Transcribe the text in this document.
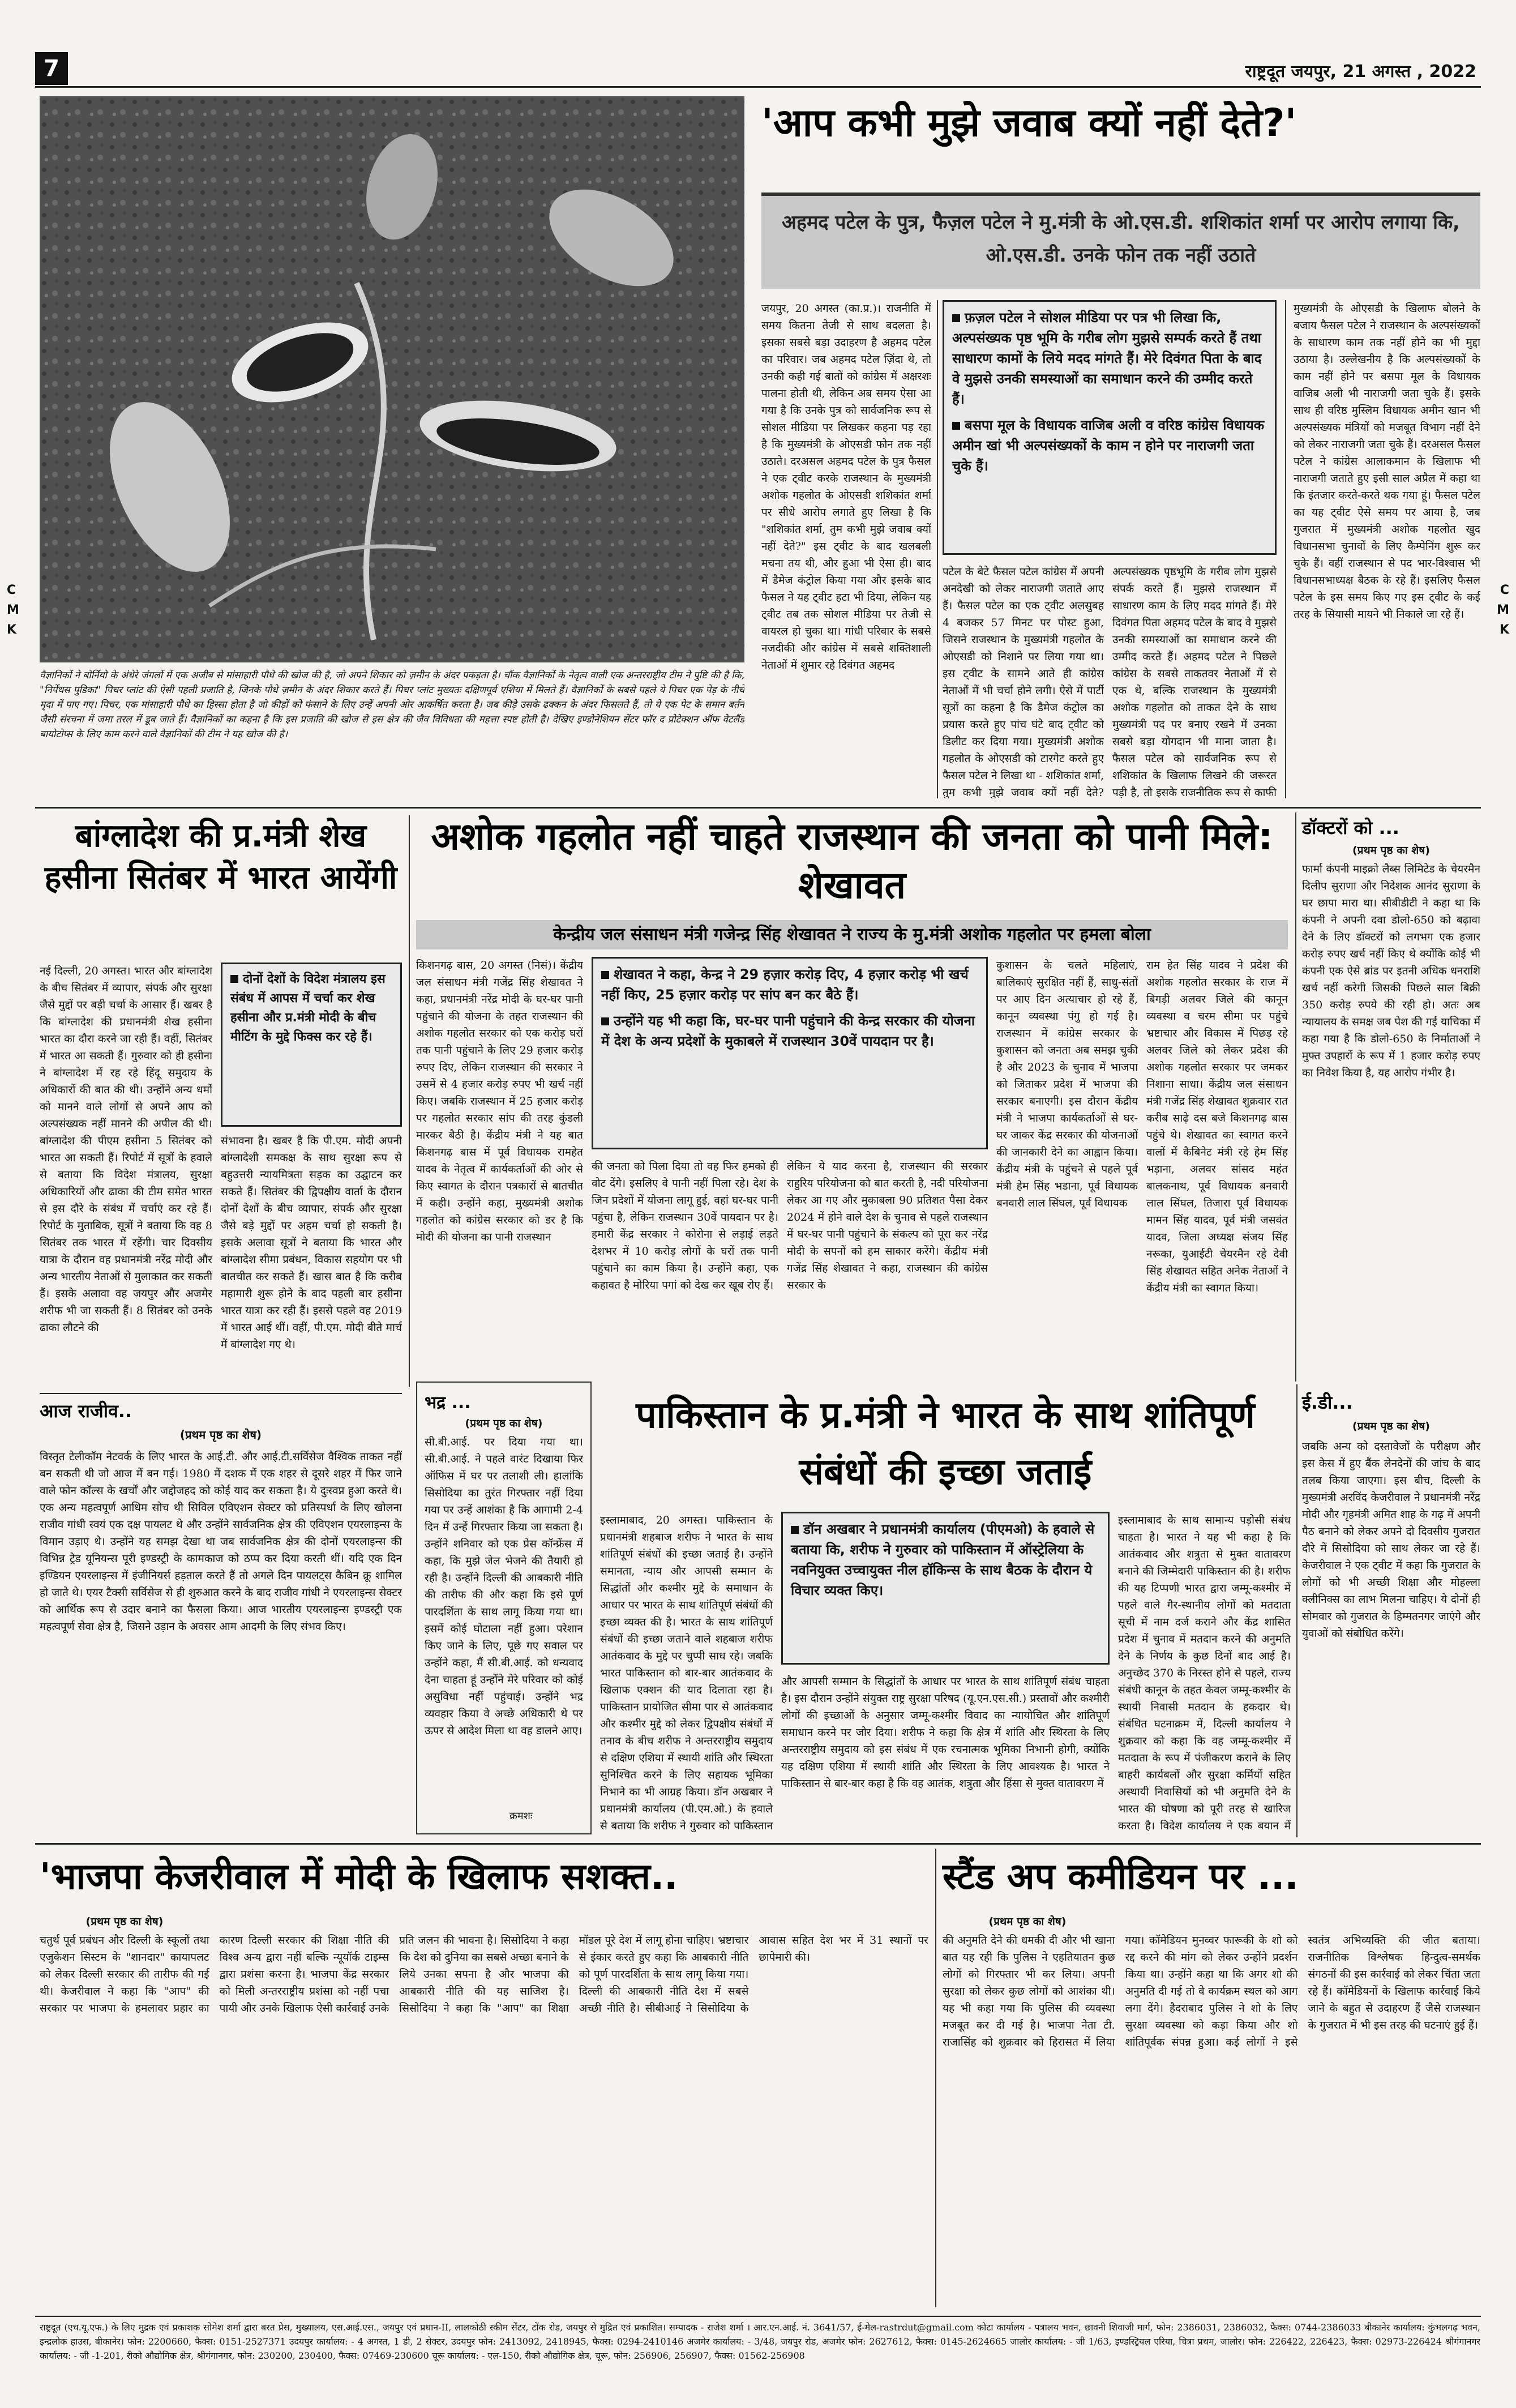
7	राष्ट्रदूत जयपुर, 21 अगस्त , 2022
C
M
K
C
M
K
वैज्ञानिकों ने बोर्नियो के अंधेरे जंगलों में एक अजीब से मांसाहारी पौधे की खोज की है, जो अपने शिकार को ज़मीन के अंदर पकड़ता है। चौंक वैज्ञानिकों के नेतृत्व वाली एक अन्तरराष्ट्रीय टीम ने पुष्टि की है कि, "निर्पेंथस पुडिका" पिचर प्लांट की ऐसी पहली प्रजाति है, जिनके पौधे ज़मीन के अंदर शिकार करते हैं। पिचर प्लांट मुख्यतः दक्षिणपूर्व एशिया में मिलते हैं। वैज्ञानिकों के सबसे पहले ये पिचर एक पेड़ के नीचे मृदा में पाए गए। पिचर, एक मांसाहारी पौधे का हिस्सा होता है जो कीड़ों को फंसाने के लिए उन्हें अपनी ओर आकर्षित करता है। जब कीड़े उसके ढक्कन के अंदर फिसलते हैं, तो ये एक पेट के समान बर्तन जैसी संरचना में जमा तरल में डूब जाते हैं। वैज्ञानिकों का कहना है कि इस प्रजाति की खोज से इस क्षेत्र की जैव विविधता की महत्ता स्पष्ट होती है। देखिए इण्डोनेशियन सेंटर फॉर द प्रोटेक्शन ऑफ वेटलैंड बायोटोप्स के लिए काम करने वाले वैज्ञानिकों की टीम ने यह खोज की है।
'आप कभी मुझे जवाब क्यों नहीं देते?'
अहमद पटेल के पुत्र, फैज़ल पटेल ने मु.मंत्री के ओ.एस.डी. शशिकांत शर्मा पर आरोप लगाया कि, ओ.एस.डी. उनके फोन तक नहीं उठाते
जयपुर, 20 अगस्त (का.प्र.)। राजनीति में समय कितना तेजी से साथ बदलता है। इसका सबसे बड़ा उदाहरण है अहमद पटेल का परिवार। जब अहमद पटेल ज़िंदा थे, तो उनकी कही गई बातों को कांग्रेस में अक्षरशः पालना होती थी, लेकिन अब समय ऐसा आ गया है कि उनके पुत्र को सार्वजनिक रूप से सोशल मीडिया पर लिखकर कहना पड़ रहा है कि मुख्यमंत्री के ओएसडी फोन तक नहीं उठाते। दरअसल अहमद पटेल के पुत्र फैसल ने एक ट्वीट करके राजस्थान के मुख्यमंत्री अशोक गहलोत के ओएसडी शशिकांत शर्मा पर सीधे आरोप लगाते हुए लिखा है कि "शशिकांत शर्मा, तुम कभी मुझे जवाब क्यों नहीं देते?" इस ट्वीट के बाद खलबली मचना तय थी, और हुआ भी ऐसा ही। बाद में डैमेज कंट्रोल किया गया और इसके बाद फैसल ने यह ट्वीट हटा भी दिया, लेकिन यह ट्वीट तब तक सोशल मीडिया पर तेजी से वायरल हो चुका था। गांधी परिवार के सबसे नजदीकी और कांग्रेस में सबसे शक्तिशाली नेताओं में शुमार रहे दिवंगत अहमद
फ़ज़ल पटेल ने सोशल मीडिया पर पत्र भी लिखा कि, अल्पसंख्यक पृष्ठ भूमि के गरीब लोग मुझसे सम्पर्क करते हैं तथा साधारण कामों के लिये मदद मांगते हैं। मेरे दिवंगत पिता के बाद वे मुझसे उनकी समस्याओं का समाधान करने की उम्मीद करते हैं।
बसपा मूल के विधायक वाजिब अली व वरिष्ठ कांग्रेस विधायक अमीन खां भी अल्पसंख्यकों के काम न होने पर नाराजगी जता चुके हैं।
पटेल के बेटे फैसल पटेल कांग्रेस में अपनी अनदेखी को लेकर नाराजगी जताते आए हैं। फैसल पटेल का एक ट्वीट अलसुबह 4 बजकर 57 मिनट पर पोस्ट हुआ, जिसने राजस्थान के मुख्यमंत्री गहलोत के ओएसडी को निशाने पर लिया गया था। इस ट्वीट के सामने आते ही कांग्रेस नेताओं में भी चर्चा होने लगी। ऐसे में पार्टी सूत्रों का कहना है कि डैमेज कंट्रोल का प्रयास करते हुए पांच घंटे बाद ट्वीट को डिलीट कर दिया गया। मुख्यमंत्री अशोक गहलोत के ओएसडी को टारगेट करते हुए फैसल पटेल ने लिखा था - शशिकांत शर्मा, तुम कभी मुझे जवाब क्यों नहीं देते?
अल्पसंख्यक पृष्ठभूमि के गरीब लोग मुझसे संपर्क करते हैं। मुझसे राजस्थान में साधारण काम के लिए मदद मांगते हैं। मेरे दिवंगत पिता अहमद पटेल के बाद वे मुझसे उनकी समस्याओं का समाधान करने की उम्मीद करते हैं। अहमद पटेल ने पिछले कांग्रेस के सबसे ताकतवर नेताओं में से एक थे, बल्कि राजस्थान के मुख्यमंत्री अशोक गहलोत को ताकत देने के साथ मुख्यमंत्री पद पर बनाए रखने में उनका सबसे बड़ा योगदान भी माना जाता है। फैसल पटेल को सार्वजनिक रूप से शशिकांत के खिलाफ लिखने की जरूरत पड़ी है, तो इसके राजनीतिक रूप से काफी
मुख्यमंत्री के ओएसडी के खिलाफ बोलने के बजाय फैसल पटेल ने राजस्थान के अल्पसंख्यकों के साधारण काम तक नहीं होने का भी मुद्दा उठाया है। उल्लेखनीय है कि अल्पसंख्यकों के काम नहीं होने पर बसपा मूल के विधायक वाजिब अली भी नाराजगी जता चुके हैं। इसके साथ ही वरिष्ठ मुस्लिम विधायक अमीन खान भी अल्पसंख्यक मंत्रियों को मजबूत विभाग नहीं देने को लेकर नाराजगी जता चुके हैं। दरअसल फैसल पटेल ने कांग्रेस आलाकमान के खिलाफ भी नाराजगी जताते हुए इसी साल अप्रैल में कहा था कि इंतजार करते-करते थक गया हूं। फैसल पटेल का यह ट्वीट ऐसे समय पर आया है, जब गुजरात में मुख्यमंत्री अशोक गहलोत खुद विधानसभा चुनावों के लिए कैम्पेनिंग शुरू कर चुके हैं। वहीं राजस्थान से पद भार-विश्वास भी विधानसभाध्यक्ष बैठक के रहे हैं। इसलिए फैसल पटेल के इस समय किए गए इस ट्वीट के कई तरह के सियासी मायने भी निकाले जा रहे हैं।
बांग्लादेश की प्र.मंत्री शेख हसीना सितंबर में भारत आयेंगी
नई दिल्ली, 20 अगस्त। भारत और बांग्लादेश के बीच सितंबर में व्यापार, संपर्क और सुरक्षा जैसे मुद्दों पर बड़ी चर्चा के आसार हैं। खबर है कि बांग्लादेश की प्रधानमंत्री शेख हसीना भारत का दौरा करने जा रही हैं। वहीं, सितंबर में भारत आ सकती हैं। गुरुवार को ही हसीना ने बांग्लादेश में रह रहे हिंदू समुदाय के अधिकारों की बात की थी। उन्होंने अन्य धर्मों को मानने वाले लोगों से अपने आप को अल्पसंख्यक नहीं मानने की अपील की थी। बांग्लादेश की पीएम हसीना 5 सितंबर को भारत आ सकती हैं। रिपोर्ट में सूत्रों के हवाले से बताया कि विदेश मंत्रालय, सुरक्षा अधिकारियों और ढाका की टीम समेत भारत से इस दौरे के संबंध में चर्चाएं कर रहे हैं। रिपोर्ट के मुताबिक, सूत्रों ने बताया कि वह 8 सितंबर तक भारत में रहेंगी। चार दिवसीय यात्रा के दौरान वह प्रधानमंत्री नरेंद्र मोदी और अन्य भारतीय नेताओं से मुलाकात कर सकती हैं। इसके अलावा वह जयपुर और अजमेर शरीफ भी जा सकती हैं। 8 सितंबर को उनके ढाका लौटने की
दोनों देशों के विदेश मंत्रालय इस संबंध में आपस में चर्चा कर शेख हसीना और प्र.मंत्री मोदी के बीच मीटिंग के मुद्दे फिक्स कर रहे हैं।
संभावना है। खबर है कि पी.एम. मोदी अपनी बांग्लादेशी समकक्ष के साथ सुरक्षा रूप से बहुउत्तरी न्यायमित्रता सड़क का उद्घाटन कर सकते हैं। सितंबर की द्विपक्षीय वार्ता के दौरान दोनों देशों के बीच व्यापार, संपर्क और सुरक्षा जैसे बड़े मुद्दों पर अहम चर्चा हो सकती है। इसके अलावा सूत्रों ने बताया कि भारत और बांग्लादेश सीमा प्रबंधन, विकास सहयोग पर भी बातचीत कर सकते हैं। खास बात है कि करीब महामारी शुरू होने के बाद पहली बार हसीना भारत यात्रा कर रही हैं। इससे पहले वह 2019 में भारत आई थीं। वहीं, पी.एम. मोदी बीते मार्च में बांग्लादेश गए थे।
आज राजीव..
(प्रथम पृष्ठ का शेष)
विस्तृत टेलीकॉम नेटवर्क के लिए भारत के आई.टी. और आई.टी.सर्विसेज वैश्विक ताकत नहीं बन सकती थी जो आज में बन गई। 1980 में दशक में एक शहर से दूसरे शहर में फिर जाने वाले फोन कॉल्स के खर्चों और जद्दोजहद को कोई याद कर सकता है। ये दुःस्वप्न हुआ करते थे। एक अन्य महत्वपूर्ण आधिम सोच थी सिविल एविएशन सेक्टर को प्रतिस्पर्धा के लिए खोलना राजीव गांधी स्वयं एक दक्ष पायलट थे और उन्होंने सार्वजनिक क्षेत्र की एविएशन एयरलाइन्स के विमान उड़ाए थे। उन्होंने यह समझ देखा था जब सार्वजनिक क्षेत्र की दोनों एयरलाइन्स की विभिन्न ट्रेड यूनियन्स पूरी इण्डस्ट्री के कामकाज को ठप्प कर दिया करती थीं। यदि एक दिन इण्डियन एयरलाइन्स में इंजीनियर्स हड़ताल करते हैं तो अगले दिन पायलट्स कैबिन क्रू शामिल हो जाते थे। एयर टैक्सी सर्विसेज से ही शुरुआत करने के बाद राजीव गांधी ने एयरलाइन्स सेक्टर को आर्थिक रूप से उदार बनाने का फैसला किया। आज भारतीय एयरलाइन्स इण्डस्ट्री एक महत्वपूर्ण सेवा क्षेत्र है, जिसने उड़ान के अवसर आम आदमी के लिए संभव किए।
अशोक गहलोत नहीं चाहते राजस्थान की जनता को पानी मिले: शेखावत
केन्द्रीय जल संसाधन मंत्री गजेन्द्र सिंह शेखावत ने राज्य के मु.मंत्री अशोक गहलोत पर हमला बोला
किशनगढ़ बास, 20 अगस्त (निसं)। केंद्रीय जल संसाधन मंत्री गजेंद्र सिंह शेखावत ने कहा, प्रधानमंत्री नरेंद्र मोदी के घर-घर पानी पहुंचाने की योजना के तहत राजस्थान की अशोक गहलोत सरकार को एक करोड़ घरों तक पानी पहुंचाने के लिए 29 हजार करोड़ रुपए दिए, लेकिन राजस्थान की सरकार ने उसमें से 4 हजार करोड़ रुपए भी खर्च नहीं किए। जबकि राजस्थान में 25 हजार करोड़ पर गहलोत सरकार सांप की तरह कुंडली मारकर बैठी है। केंद्रीय मंत्री ने यह बात किशनगढ़ बास में पूर्व विधायक रामहेत यादव के नेतृत्व में कार्यकर्ताओं की ओर से किए स्वागत के दौरान पत्रकारों से बातचीत में कही। उन्होंने कहा, मुख्यमंत्री अशोक गहलोत को कांग्रेस सरकार को डर है कि मोदी की योजना का पानी राजस्थान
शेखावत ने कहा, केन्द्र ने 29 हज़ार करोड़ दिए, 4 हज़ार करोड़ भी खर्च नहीं किए, 25 हज़ार करोड़ पर सांप बन कर बैठे हैं।
उन्होंने यह भी कहा कि, घर-घर पानी पहुंचाने की केन्द्र सरकार की योजना में देश के अन्य प्रदेशों के मुकाबले में राजस्थान 30वें पायदान पर है।
की जनता को पिला दिया तो वह फिर हमको ही वोट देंगे। इसलिए वे पानी नहीं पिला रहे। देश के जिन प्रदेशों में योजना लागू हुई, वहां घर-घर पानी पहुंचा है, लेकिन राजस्थान 30वें पायदान पर है। हमारी केंद्र सरकार ने कोरोना से लड़ाई लड़ते देशभर में 10 करोड़ लोगों के घरों तक पानी पहुंचाने का काम किया है। उन्होंने कहा, एक कहावत है मोरिया पगां को देख कर खूब रोए हैं।
लेकिन ये याद करना है, राजस्थान की सरकार राहुरिय परियोजना को बात करती है, नदी परियोजना लेकर आ गए और मुकाबला 90 प्रतिशत पैसा देकर 2024 में होने वाले देश के चुनाव से पहले राजस्थान में घर-घर पानी पहुंचाने के संकल्प को पूरा कर नरेंद्र मोदी के सपनों को हम साकार करेंगे। केंद्रीय मंत्री गजेंद्र सिंह शेखावत ने कहा, राजस्थान की कांग्रेस सरकार के
कुशासन के चलते महिलाएं, बालिकाएं सुरक्षित नहीं हैं, साधु-संतों पर आए दिन अत्याचार हो रहे हैं, कानून व्यवस्था पंगु हो गई है। राजस्थान में कांग्रेस सरकार के कुशासन को जनता अब समझ चुकी है और 2023 के चुनाव में भाजपा को जिताकर प्रदेश में भाजपा की सरकार बनाएगी। इस दौरान केंद्रीय मंत्री ने भाजपा कार्यकर्ताओं से घर-घर जाकर केंद्र सरकार की योजनाओं की जानकारी देने का आह्वान किया। केंद्रीय मंत्री के पहुंचने से पहले पूर्व मंत्री हेम सिंह भडाना, पूर्व विधायक बनवारी लाल सिंघल, पूर्व विधायक
राम हेत सिंह यादव ने प्रदेश की अशोक गहलोत सरकार के राज में बिगड़ी अलवर जिले की कानून व्यवस्था व चरम सीमा पर पहुंचे भ्रष्टाचार और विकास में पिछड़ रहे अलवर जिले को लेकर प्रदेश की अशोक गहलोत सरकार पर जमकर निशाना साधा। केंद्रीय जल संसाधन मंत्री गजेंद्र सिंह शेखावत शुक्रवार रात करीब साढ़े दस बजे किशनगढ़ बास पहुंचे थे। शेखावत का स्वागत करने वालों में कैबिनेट मंत्री रहे हेम सिंह भड़ाना, अलवर सांसद महंत बालकनाथ, पूर्व विधायक बनवारी लाल सिंघल, तिजारा पूर्व विधायक मामन सिंह यादव, पूर्व मंत्री जसवंत यादव, जिला अध्यक्ष संजय सिंह नरूका, युआईटी चेयरमैन रहे देवी सिंह शेखावत सहित अनेक नेताओं ने केंद्रीय मंत्री का स्वागत किया।
डॉक्टरों को ...
(प्रथम पृष्ठ का शेष)
फार्मा कंपनी माइक्रो लैब्स लिमिटेड के चेयरमैन दिलीप सुराणा और निदेशक आनंद सुराणा के घर छापा मारा था। सीबीडीटी ने कहा था कि कंपनी ने अपनी दवा डोलो-650 को बढ़ावा देने के लिए डॉक्टरों को लगभग एक हजार करोड़ रुपए खर्च नहीं किए थे क्योंकि कोई भी कंपनी एक ऐसे ब्रांड पर इतनी अधिक धनराशि खर्च नहीं करेगी जिसकी पिछले साल बिक्री 350 करोड़ रुपये की रही हो। अतः अब न्यायालय के समक्ष जब पेश की गई याचिका में कहा गया है कि डोलो-650 के निर्माताओं ने मुफ्त उपहारों के रूप में 1 हजार करोड़ रुपए का निवेश किया है, यह आरोप गंभीर है।
भद्र ...
(प्रथम पृष्ठ का शेष)
सी.बी.आई. पर दिया गया था। सी.बी.आई. ने पहले वारंट दिखाया फिर ऑफिस में घर पर तलाशी ली। हालांकि सिसोदिया का तुरंत गिरफ्तार नहीं दिया गया पर उन्हें आशंका है कि आगामी 2-4 दिन में उन्हें गिरफ्तार किया जा सकता है। उन्होंने शनिवार को एक प्रेस कॉन्फ्रेंस में कहा, कि मुझे जेल भेजने की तैयारी हो रही है। उन्होंने दिल्ली की आबकारी नीति की तारीफ की और कहा कि इसे पूर्ण पारदर्शिता के साथ लागू किया गया था। इसमें कोई घोटाला नहीं हुआ। परेशान किए जाने के लिए, पूछे गए सवाल पर उन्होंने कहा, मैं सी.बी.आई. को धन्यवाद देना चाहता हूं उन्होंने मेरे परिवार को कोई असुविधा नहीं पहुंचाई। उन्होंने भद्र व्यवहार किया वे अच्छे अधिकारी थे पर ऊपर से आदेश मिला था वह डालने आए।
क्रमशः
पाकिस्तान के प्र.मंत्री ने भारत के साथ शांतिपूर्ण संबंधों की इच्छा जताई
इस्लामाबाद, 20 अगस्त। पाकिस्तान के प्रधानमंत्री शहबाज शरीफ ने भारत के साथ शांतिपूर्ण संबंधों की इच्छा जताई है। उन्होंने समानता, न्याय और आपसी सम्मान के सिद्धांतों और कश्मीर मुद्दे के समाधान के आधार पर भारत के साथ शांतिपूर्ण संबंधों की इच्छा व्यक्त की है। भारत के साथ शांतिपूर्ण संबंधों की इच्छा जताने वाले शहबाज शरीफ आतंकवाद के मुद्दे पर चुप्पी साध रहे। जबकि भारत पाकिस्तान को बार-बार आतंकवाद के खिलाफ एक्शन की याद दिलाता रहा है। पाकिस्तान प्रायोजित सीमा पार से आतंकवाद और कश्मीर मुद्दे को लेकर द्विपक्षीय संबंधों में तनाव के बीच शरीफ ने अन्तरराष्ट्रीय समुदाय से दक्षिण एशिया में स्थायी शांति और स्थिरता सुनिश्चित करने के लिए सहायक भूमिका निभाने का भी आग्रह किया। डॉन अखबार ने प्रधानमंत्री कार्यालय (पी.एम.ओ.) के हवाले से बताया कि शरीफ ने गुरुवार को पाकिस्तान
डॉन अखबार ने प्रधानमंत्री कार्यालय (पीएमओ) के हवाले से बताया कि, शरीफ ने गुरुवार को पाकिस्तान में ऑस्ट्रेलिया के नवनियुक्त उच्चायुक्त नील हॉकिन्स के साथ बैठक के दौरान ये विचार व्यक्त किए।
और आपसी सम्मान के सिद्धांतों के आधार पर भारत के साथ शांतिपूर्ण संबंध चाहता है। इस दौरान उन्होंने संयुक्त राष्ट्र सुरक्षा परिषद (यू.एन.एस.सी.) प्रस्तावों और कश्मीरी लोगों की इच्छाओं के अनुसार जम्मू-कश्मीर विवाद का न्यायोचित और शांतिपूर्ण समाधान करने पर जोर दिया। शरीफ ने कहा कि क्षेत्र में शांति और स्थिरता के लिए अन्तरराष्ट्रीय समुदाय को इस संबंध में एक रचनात्मक भूमिका निभानी होगी, क्योंकि यह दक्षिण एशिया में स्थायी शांति और स्थिरता के लिए आवश्यक है। भारत ने पाकिस्तान से बार-बार कहा है कि वह आतंक, शत्रुता और हिंसा से मुक्त वातावरण में
इस्लामाबाद के साथ सामान्य पड़ोसी संबंध चाहता है। भारत ने यह भी कहा है कि आतंकवाद और शत्रुता से मुक्त वातावरण बनाने की जिम्मेदारी पाकिस्तान की है। शरीफ की यह टिप्पणी भारत द्वारा जम्मू-कश्मीर में पहले वाले गैर-स्थानीय लोगों को मतदाता सूची में नाम दर्ज कराने और केंद्र शासित प्रदेश में चुनाव में मतदान करने की अनुमति देने के निर्णय के कुछ दिनों बाद आई है। अनुच्छेद 370 के निरस्त होने से पहले, राज्य संबंधी कानून के तहत केवल जम्मू-कश्मीर के स्थायी निवासी मतदान के हकदार थे। संबंधित घटनाक्रम में, दिल्ली कार्यालय ने शुक्रवार को कहा कि वह जम्मू-कश्मीर में मतदाता के रूप में पंजीकरण कराने के लिए बाहरी कार्यबलों और सुरक्षा कर्मियों सहित अस्थायी निवासियों को भी अनुमति देने के भारत की घोषणा को पूरी तरह से खारिज करता है। विदेश कार्यालय ने एक बयान में
ई.डी...
(प्रथम पृष्ठ का शेष)
जबकि अन्य को दस्तावेजों के परीक्षण और इस केस में हुए बैंक लेनदेनों की जांच के बाद तलब किया जाएगा। इस बीच, दिल्ली के मुख्यमंत्री अरविंद केजरीवाल ने प्रधानमंत्री नरेंद्र मोदी और गृहमंत्री अमित शाह के गढ़ में अपनी पैठ बनाने को लेकर अपने दो दिवसीय गुजरात दौरे में सिसोदिया को साथ लेकर जा रहे हैं। केजरीवाल ने एक ट्वीट में कहा कि गुजरात के लोगों को भी अच्छी शिक्षा और मोहल्ला क्लीनिक्स का लाभ मिलना चाहिए। ये दोनों ही सोमवार को गुजरात के हिम्मतनगर जाएंगे और युवाओं को संबोधित करेंगे।
'भाजपा केजरीवाल में मोदी के खिलाफ सशक्त..
(प्रथम पृष्ठ का शेष)
चतुर्थ पूर्व प्रबंधन और दिल्ली के स्कूलों तथा एजुकेशन सिस्टम के "शानदार" कायापलट को लेकर दिल्ली सरकार की तारीफ की गई थी। केजरीवाल ने कहा कि "आप" की सरकार पर भाजपा के हमलावर प्रहार का कारण दिल्ली सरकार की शिक्षा नीति की विश्व अन्य द्वारा नहीं बल्कि न्यूयॉर्क टाइम्स द्वारा प्रशंसा करना है। भाजपा केंद्र सरकार को मिली अन्तरराष्ट्रीय प्रशंसा को नहीं पचा पायी और उनके खिलाफ ऐसी कार्रवाई उनके प्रति जलन की भावना है। सिसोदिया ने कहा कि देश को दुनिया का सबसे अच्छा बनाने के लिये उनका सपना है और भाजपा की आबकारी नीति की यह साजिश है। सिसोदिया ने कहा कि "आप" का शिक्षा मॉडल पूरे देश में लागू होना चाहिए। भ्रष्टाचार से इंकार करते हुए कहा कि आबकारी नीति को पूर्ण पारदर्शिता के साथ लागू किया गया। दिल्ली की आबकारी नीति देश में सबसे अच्छी नीति है। सीबीआई ने सिसोदिया के आवास सहित देश भर में 31 स्थानों पर छापेमारी की।
स्टैंड अप कमीडियन पर ...
(प्रथम पृष्ठ का शेष)
की अनुमति देने की धमकी दी और भी खाना बात यह रही कि पुलिस ने एहतियातन कुछ लोगों को गिरफ्तार भी कर लिया। अपनी सुरक्षा को लेकर कुछ लोगों को आशंका थी। यह भी कहा गया कि पुलिस की व्यवस्था मजबूत कर दी गई है। भाजपा नेता टी. राजासिंह को शुक्रवार को हिरासत में लिया गया। कॉमेडियन मुनव्वर फारूकी के शो को रद्द करने की मांग को लेकर उन्होंने प्रदर्शन किया था। उन्होंने कहा था कि अगर शो की अनुमति दी गई तो वे कार्यक्रम स्थल को आग लगा देंगे। हैदराबाद पुलिस ने शो के लिए सुरक्षा व्यवस्था को कड़ा किया और शो शांतिपूर्वक संपन्न हुआ। कई लोगों ने इसे स्वतंत्र अभिव्यक्ति की जीत बताया। राजनीतिक विश्लेषक हिन्दुत्व-समर्थक संगठनों की इस कार्रवाई को लेकर चिंता जता रहे हैं। कॉमेडियनों के खिलाफ कार्रवाई किये जाने के बहुत से उदाहरण हैं जैसे राजस्थान के गुजरात में भी इस तरह की घटनाएं हुई हैं।
राष्ट्रदूत (एच.यू.एफ.) के लिए मुद्रक एवं प्रकाशक सोमेश शर्मा द्वारा बरत प्रेस, मुख्यालय, एस.आई.एस., जयपुर एवं प्रधान-II, लालकोठी स्कीम सेंटर, टोंक रोड, जयपुर से मुद्रित एवं प्रकाशित। सम्पादक - राजेश शर्मा । आर.एन.आई. नं. 3641/57, ई-मेल-rastrdut@gmail.com कोटा कार्यालय - पत्रालय भवन, छावनी शिवाजी मार्ग, फोन: 2386031, 2386032, फैक्स: 0744-2386033 बीकानेर कार्यालय: कुंभलगढ़ भवन, इन्द्रलोक हाउस, बीकानेर। फोन: 2200660, फैक्स: 0151-2527371 उदयपुर कार्यालय: - 4 अगस्त, 1 डी, 2 सेक्टर, उदयपुर फोन: 2413092, 2418945, फैक्स: 0294-2410146 अजमेर कार्यालय: - 3/48, जयपुर रोड, अजमेर फोन: 2627612, फैक्स: 0145-2624665 जालोर कार्यालय: - जी 1/63, इण्डस्ट्रियल एरिया, चित्रा प्रथम, जालोर। फोन: 226422, 226423, फैक्स: 02973-226424 श्रीगंगानगर कार्यालय: - जी -1-201, रीको औद्योगिक क्षेत्र, श्रीगंगानगर, फोन: 230200, 230400, फैक्स: 07469-230600 चूरू कार्यालय: - एल-150, रीको औद्योगिक क्षेत्र, चूरू, फोन: 256906, 256907, फैक्स: 01562-256908
